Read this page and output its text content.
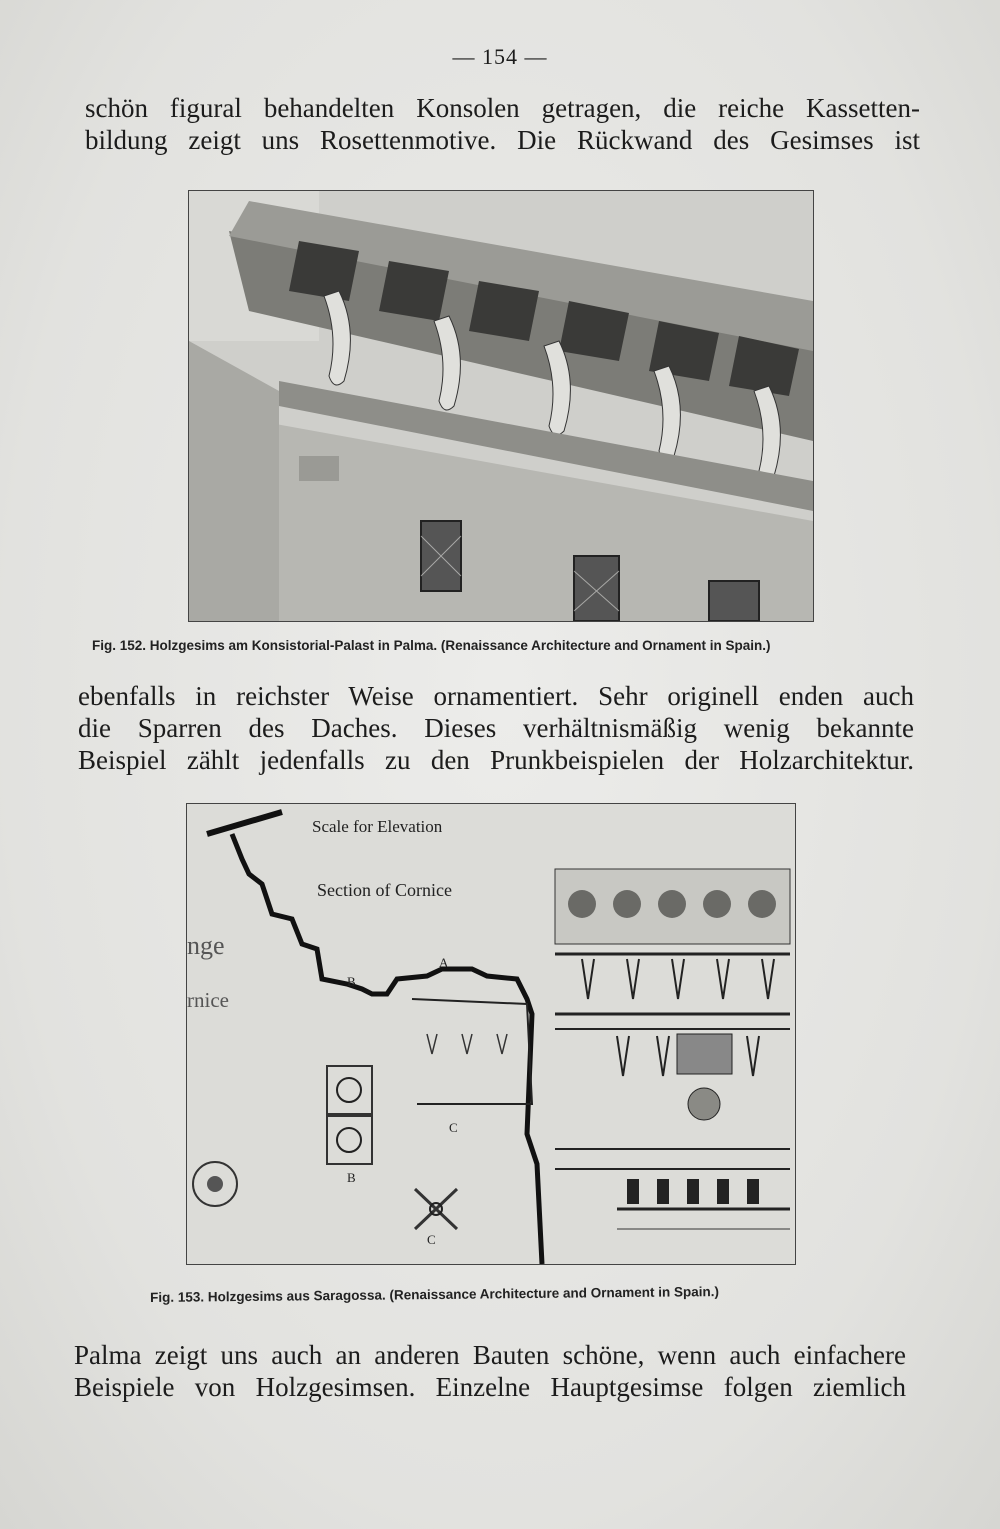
— 154 —

schön figural behandelten Konsolen getragen, die reiche Kassetten-
bildung zeigt uns Rosettenmotive. Die Rückwand des Gesimses ist

Fig. 152. Holzgesims am Konsistorial-Palast in Palma. (Renaissance Architecture and Ornament in Spain.)

ebenfalls in reichster Weise ornamentiert. Sehr originell enden auch
die Sparren des Daches. Dieses verhältnismäßig wenig bekannte
Beispiel zählt jedenfalls zu den Prunkbeispielen der Holzarchitektur.

Scale for Elevation
Section of Cornice
nge
rnice
A
B
B
C
C
Fig. 153. Holzgesims aus Saragossa. (Renaissance Architecture and Ornament in Spain.)

Palma zeigt uns auch an anderen Bauten schöne, wenn auch einfachere
Beispiele von Holzgesimsen. Einzelne Hauptgesimse folgen ziemlich
